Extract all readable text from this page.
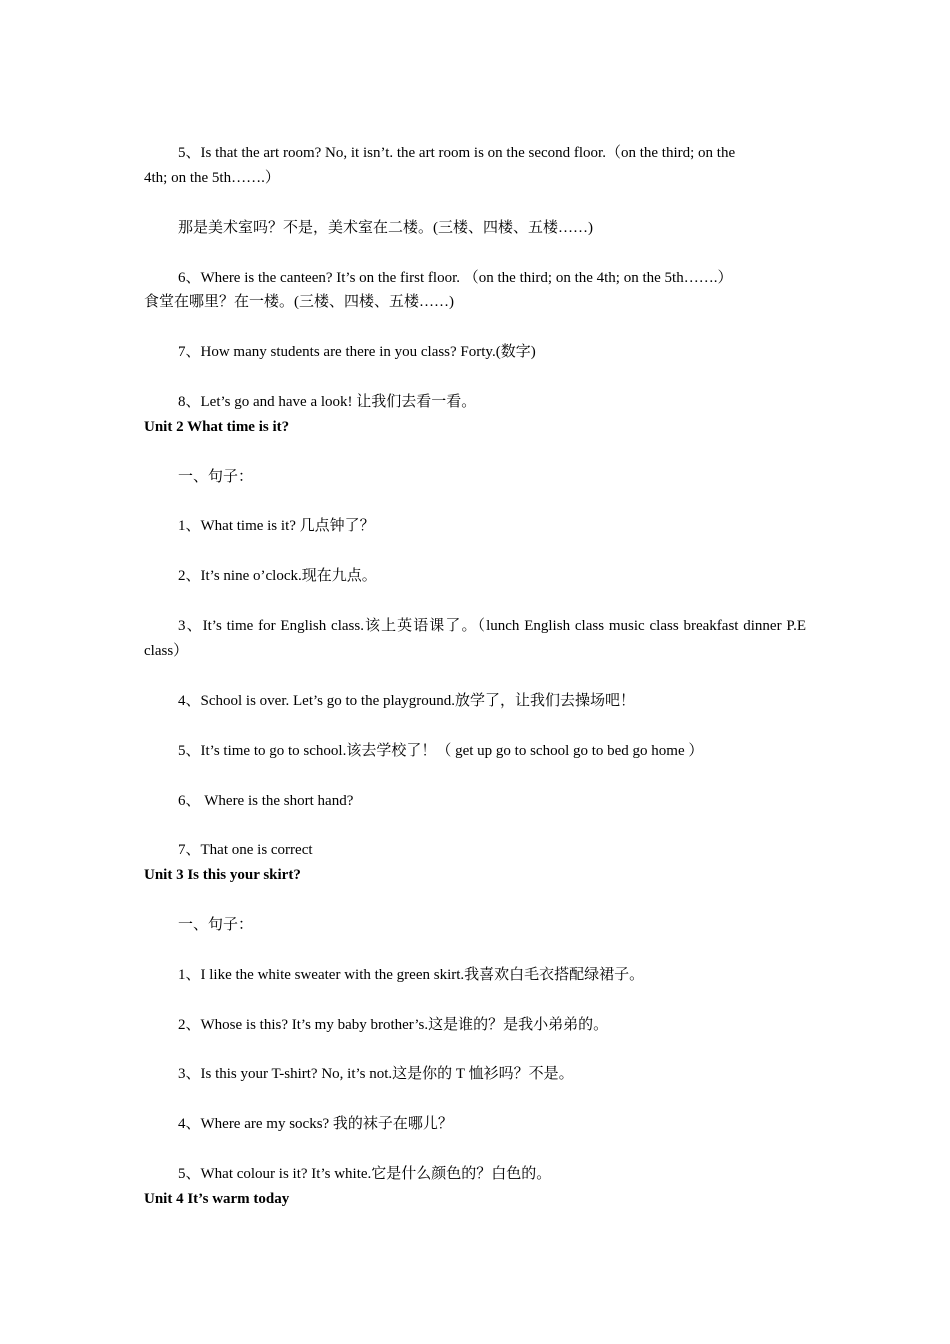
5、Is that the art room? No, it isn’t. the art room is on the second floor.（on the third; on the
4th; on the 5th…….）
那是美术室吗？不是，美术室在二楼。(三楼、四楼、五楼……)
6、Where is the canteen? It’s on the first floor. （on the third; on the 4th; on the 5th…….）
食堂在哪里？在一楼。(三楼、四楼、五楼……)
7、How many students are there in you class? Forty.(数字)
8、Let’s go and have a look! 让我们去看一看。
Unit 2 What time is it?
一、句子：
1、What time is it? 几点钟了？
2、It’s nine o’clock.现在九点。
3、It’s time for English class.该上英语课了。（lunch English class music class breakfast dinner P.E class）
4、School is over. Let’s go to the playground.放学了，让我们去操场吧！
5、It’s time to go to school.该去学校了！（ get up go to school go to bed go home ）
6、 Where is the short hand?
7、That one is correct
Unit 3 Is this your skirt?
一、句子：
1、I like the white sweater with the green skirt.我喜欢白毛衣搭配绿裙子。
2、Whose is this? It’s my baby brother’s.这是谁的？是我小弟弟的。
3、Is this your T-shirt? No, it’s not.这是你的 T 恤衫吗？不是。
4、Where are my socks? 我的袜子在哪儿？
5、What colour is it? It’s white.它是什么颜色的？白色的。
Unit 4 It’s warm today
